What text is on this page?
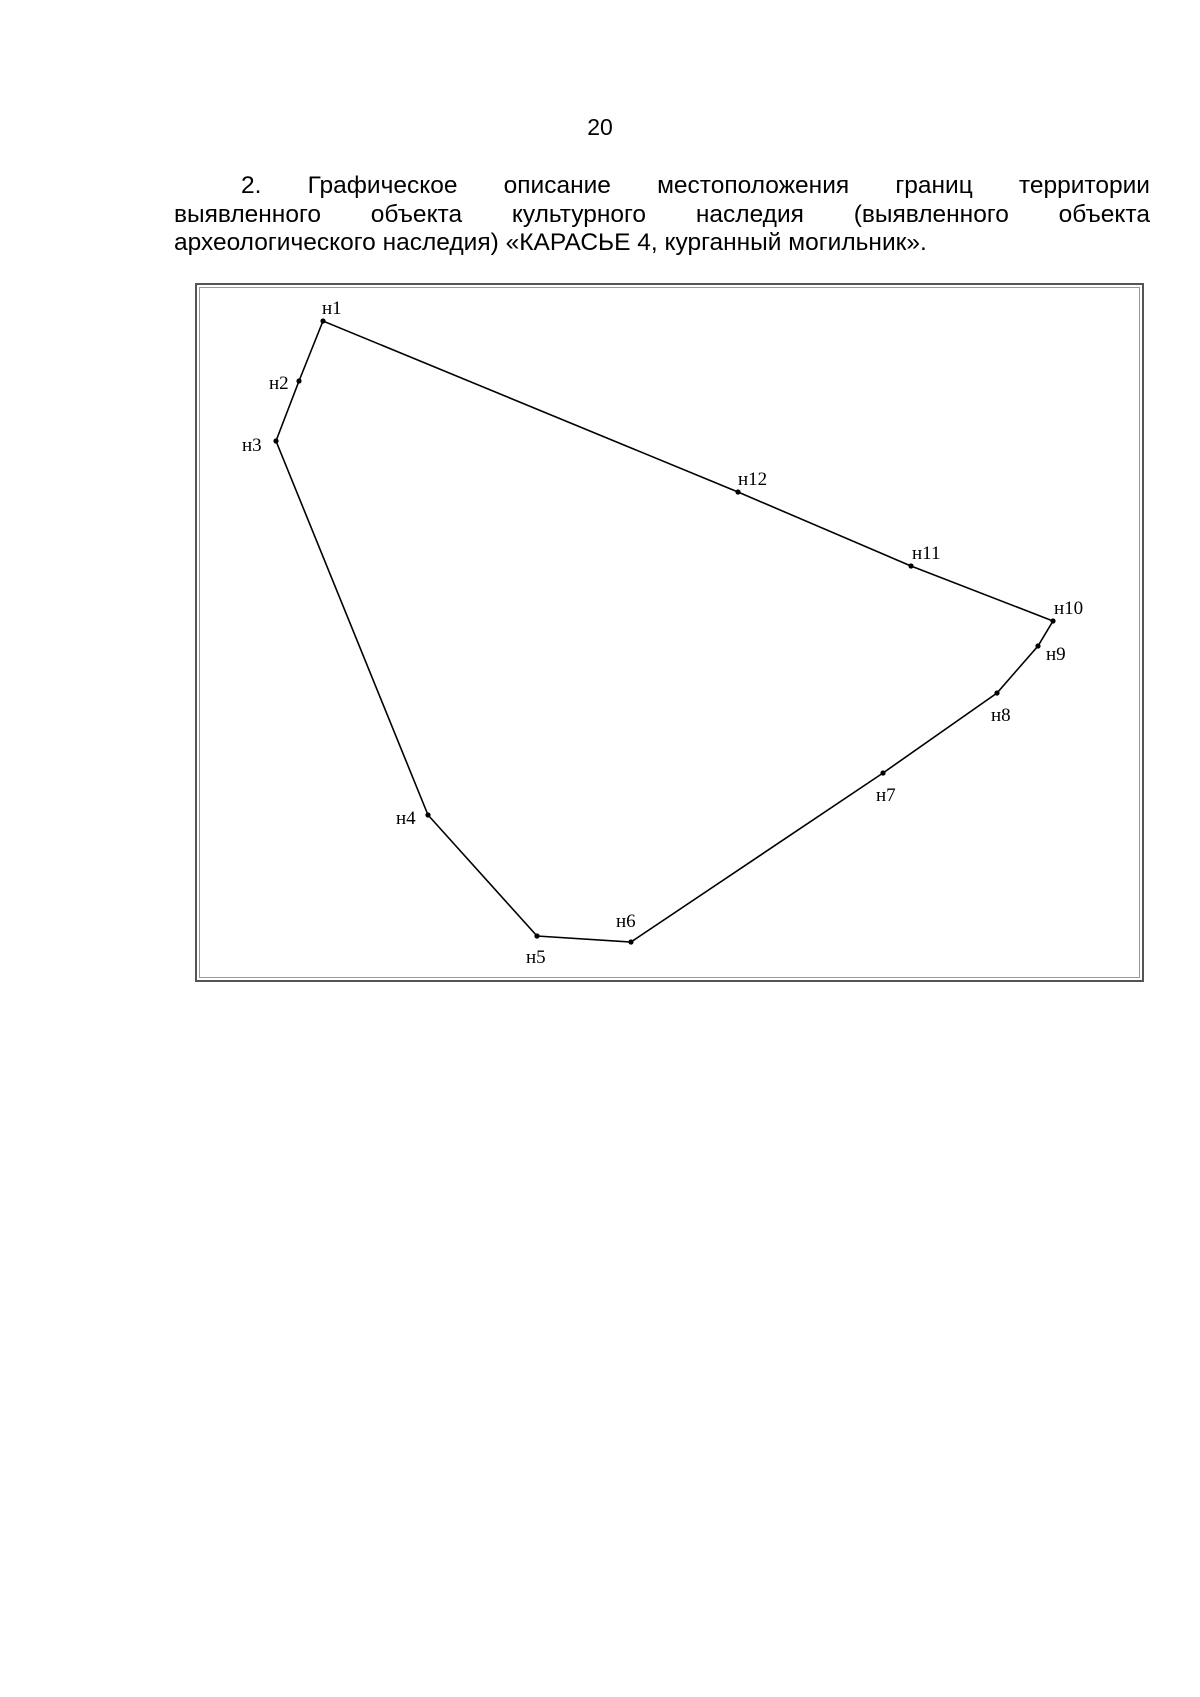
20
2. Графическое описание местоположения границ территории
выявленного объекта культурного наследия (выявленного объекта
археологического наследия) «КАРАСЬЕ 4, курганный могильник».
н1
н2
н3
н4
н5
н6
н7
н8
н9
н10
н11
н12
